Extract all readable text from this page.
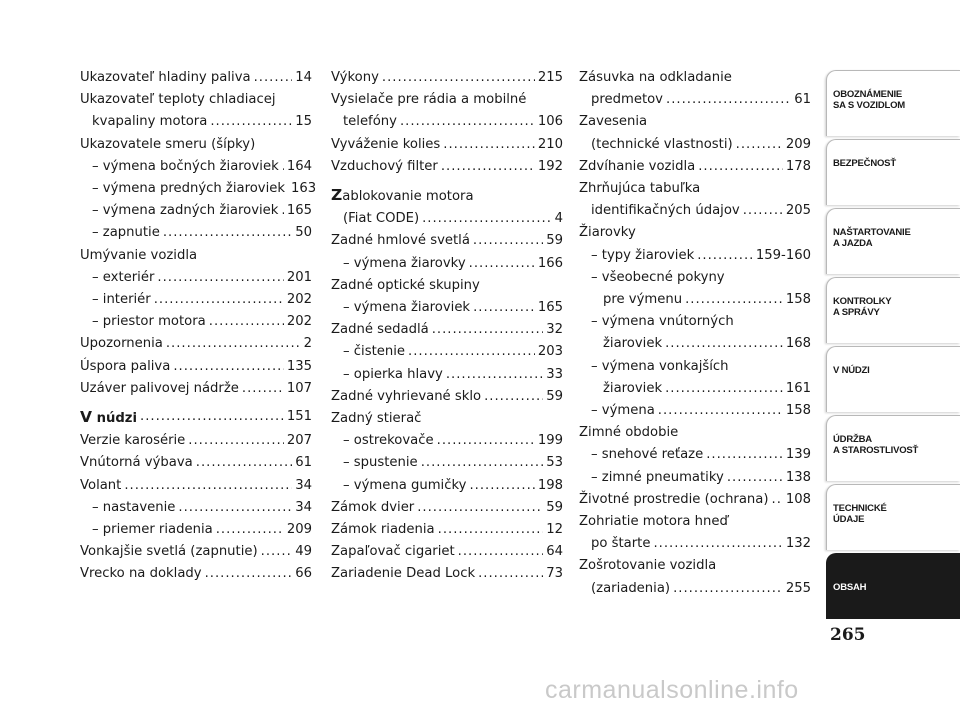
Ukazovateľ hladiny paliva .....	14
Ukazovateľ teploty chladiacej
kvapaliny motora .....	15
Ukazovatele smeru (šípky)
– výmena bočných žiaroviek ..... 164
– výmena predných žiaroviek 163
– výmena zadných žiaroviek ..... 165
– zapnutie .....	50
Umývanie vozidla
– exteriér .....	201
– interiér .....	202
– priestor motora .....	202
Upozornenia .....	2
Úspora paliva .....	135
Uzáver palivovej nádrže .....	107
V núdzi .....	151
Verzie karosérie .....	207
Vnútorná výbava .....	61
Volant .....	34
– nastavenie .....	34
– priemer riadenia .....	209
Vonkajšie svetlá (zapnutie) .....	49
Vrecko na doklady .....	66
Výkony .....	215
Vysielače pre rádia a mobilné
telefóny .....	106
Vyváženie kolies .....	210
Vzduchový filter .....	192
Zablokovanie motora
(Fiat CODE) .....	4
Zadné hmlové svetlá .....	59
– výmena žiarovky .....	166
Zadné optické skupiny
– výmena žiaroviek .....	165
Zadné sedadlá .....	32
– čistenie .....	203
– opierka hlavy .....	33
Zadné vyhrievané sklo .....	59
Zadný stierač
– ostrekovače .....	199
– spustenie .....	53
– výmena gumičky .....	198
Zámok dvier .....	59
Zámok riadenia .....	12
Zapaľovač cigariet .....	64
Zariadenie Dead Lock .....	73
Zásuvka na odkladanie
predmetov .....	61
Zavesenia
(technické vlastnosti) .....	209
Zdvíhanie vozidla .....	178
Zhrňujúca tabuľka
identifikačných údajov .....	205
Žiarovky
– typy žiaroviek .....	159-160
– všeobecné pokyny
pre výmenu .....	158
– výmena vnútorných
žiaroviek .....	168
– výmena vonkajších
žiaroviek .....	161
– výmena .....	158
Zimné obdobie
– snehové reťaze .....	139
– zimné pneumatiky .....	138
Životné prostredie (ochrana) ..... 108
Zohriatie motora hneď
po štarte .....	132
Zošrotovanie vozidla
(zariadenia) .....	255
OBOZNÁMENIE
SA S VOZIDLOM
BEZPEČNOSŤ
NAŠTARTOVANIE
A JAZDA
KONTROLKY
A SPRÁVY
V NÚDZI
ÚDRŽBA
A STAROSTLIVOSŤ
TECHNICKÉ
ÚDAJE
OBSAH
265
carmanualsonline.info
